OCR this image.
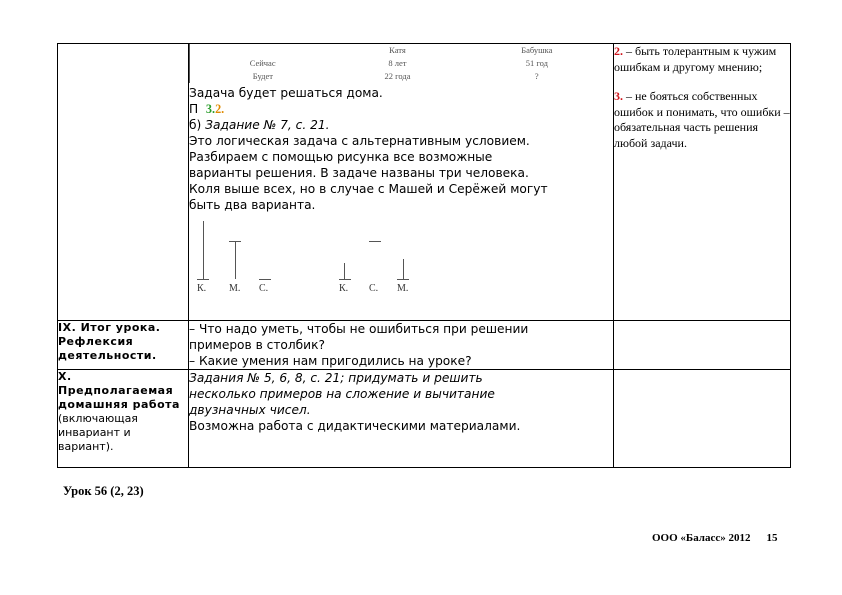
		Катя	Бабушка
	Сейчас	8 лет	51 год
	Будет	22 года	?
Задача будет решаться дома.
П 3.2.
б) Задание № 7, с. 21.
Это логическая задача с альтернативным условием.
Разбираем с помощью рисунка все возможные
варианты решения. В задаче названы три человека.
Коля выше всех, но в случае с Машей и Серёжей могут
быть два варианта.
К. М. С.	К. С. М.

2. – быть толерантным к чужим ошибкам и другому мнению;
3. – не бояться собственных ошибок и понимать, что ошибки – обязательная часть решения любой задачи.

IX. Итог урока. Рефлексия деятельности.	
– Что надо уметь, чтобы не ошибиться при решении
примеров в столбик?
– Какие умения нам пригодились на уроке?

X. Предполагаемая домашняя работа
(включающая инвариант и вариант).	
Задания № 5, 6, 8, с. 21; придумать и решить
несколько примеров на сложение и вычитание
двузначных чисел.
Возможна работа с дидактическими материалами.

Урок 56 (2, 23)
ООО «Баласс» 2012 15
